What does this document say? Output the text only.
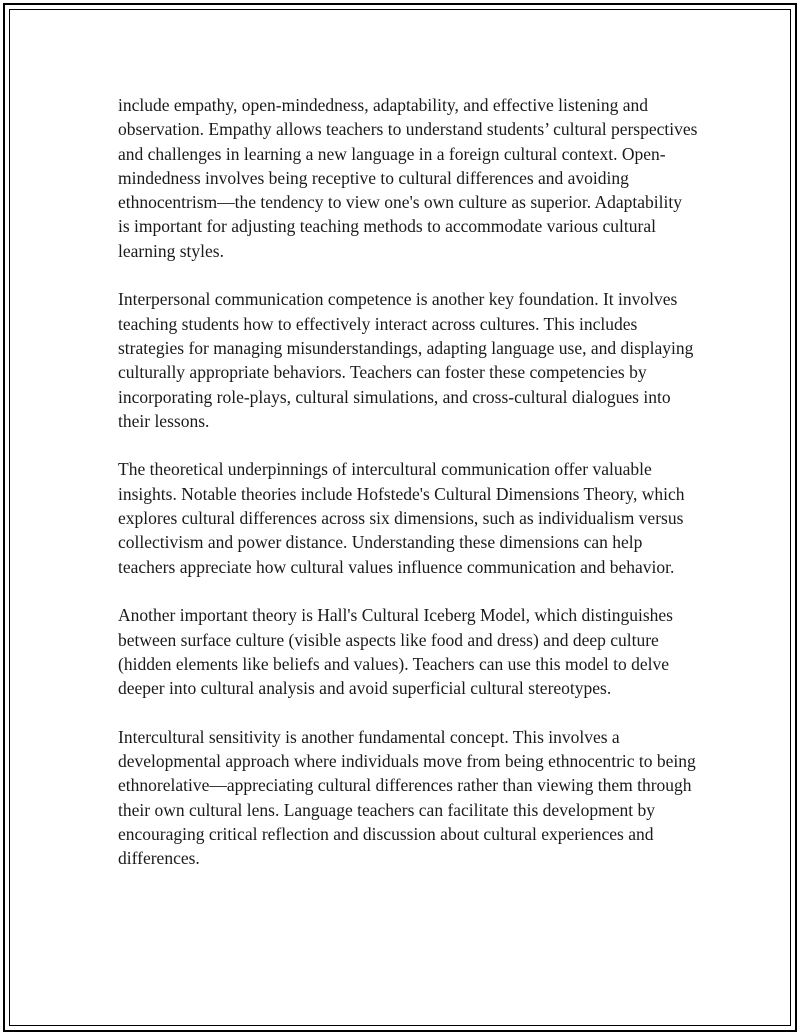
include empathy, open-mindedness, adaptability, and effective listening and observation. Empathy allows teachers to understand students’ cultural perspectives and challenges in learning a new language in a foreign cultural context. Open-mindedness involves being receptive to cultural differences and avoiding ethnocentrism—the tendency to view one's own culture as superior. Adaptability is important for adjusting teaching methods to accommodate various cultural learning styles.

Interpersonal communication competence is another key foundation. It involves teaching students how to effectively interact across cultures. This includes strategies for managing misunderstandings, adapting language use, and displaying culturally appropriate behaviors. Teachers can foster these competencies by incorporating role-plays, cultural simulations, and cross-cultural dialogues into their lessons.

The theoretical underpinnings of intercultural communication offer valuable insights. Notable theories include Hofstede's Cultural Dimensions Theory, which explores cultural differences across six dimensions, such as individualism versus collectivism and power distance. Understanding these dimensions can help teachers appreciate how cultural values influence communication and behavior.

Another important theory is Hall's Cultural Iceberg Model, which distinguishes between surface culture (visible aspects like food and dress) and deep culture (hidden elements like beliefs and values). Teachers can use this model to delve deeper into cultural analysis and avoid superficial cultural stereotypes.

Intercultural sensitivity is another fundamental concept. This involves a developmental approach where individuals move from being ethnocentric to being ethnorelative—appreciating cultural differences rather than viewing them through their own cultural lens. Language teachers can facilitate this development by encouraging critical reflection and discussion about cultural experiences and differences.
